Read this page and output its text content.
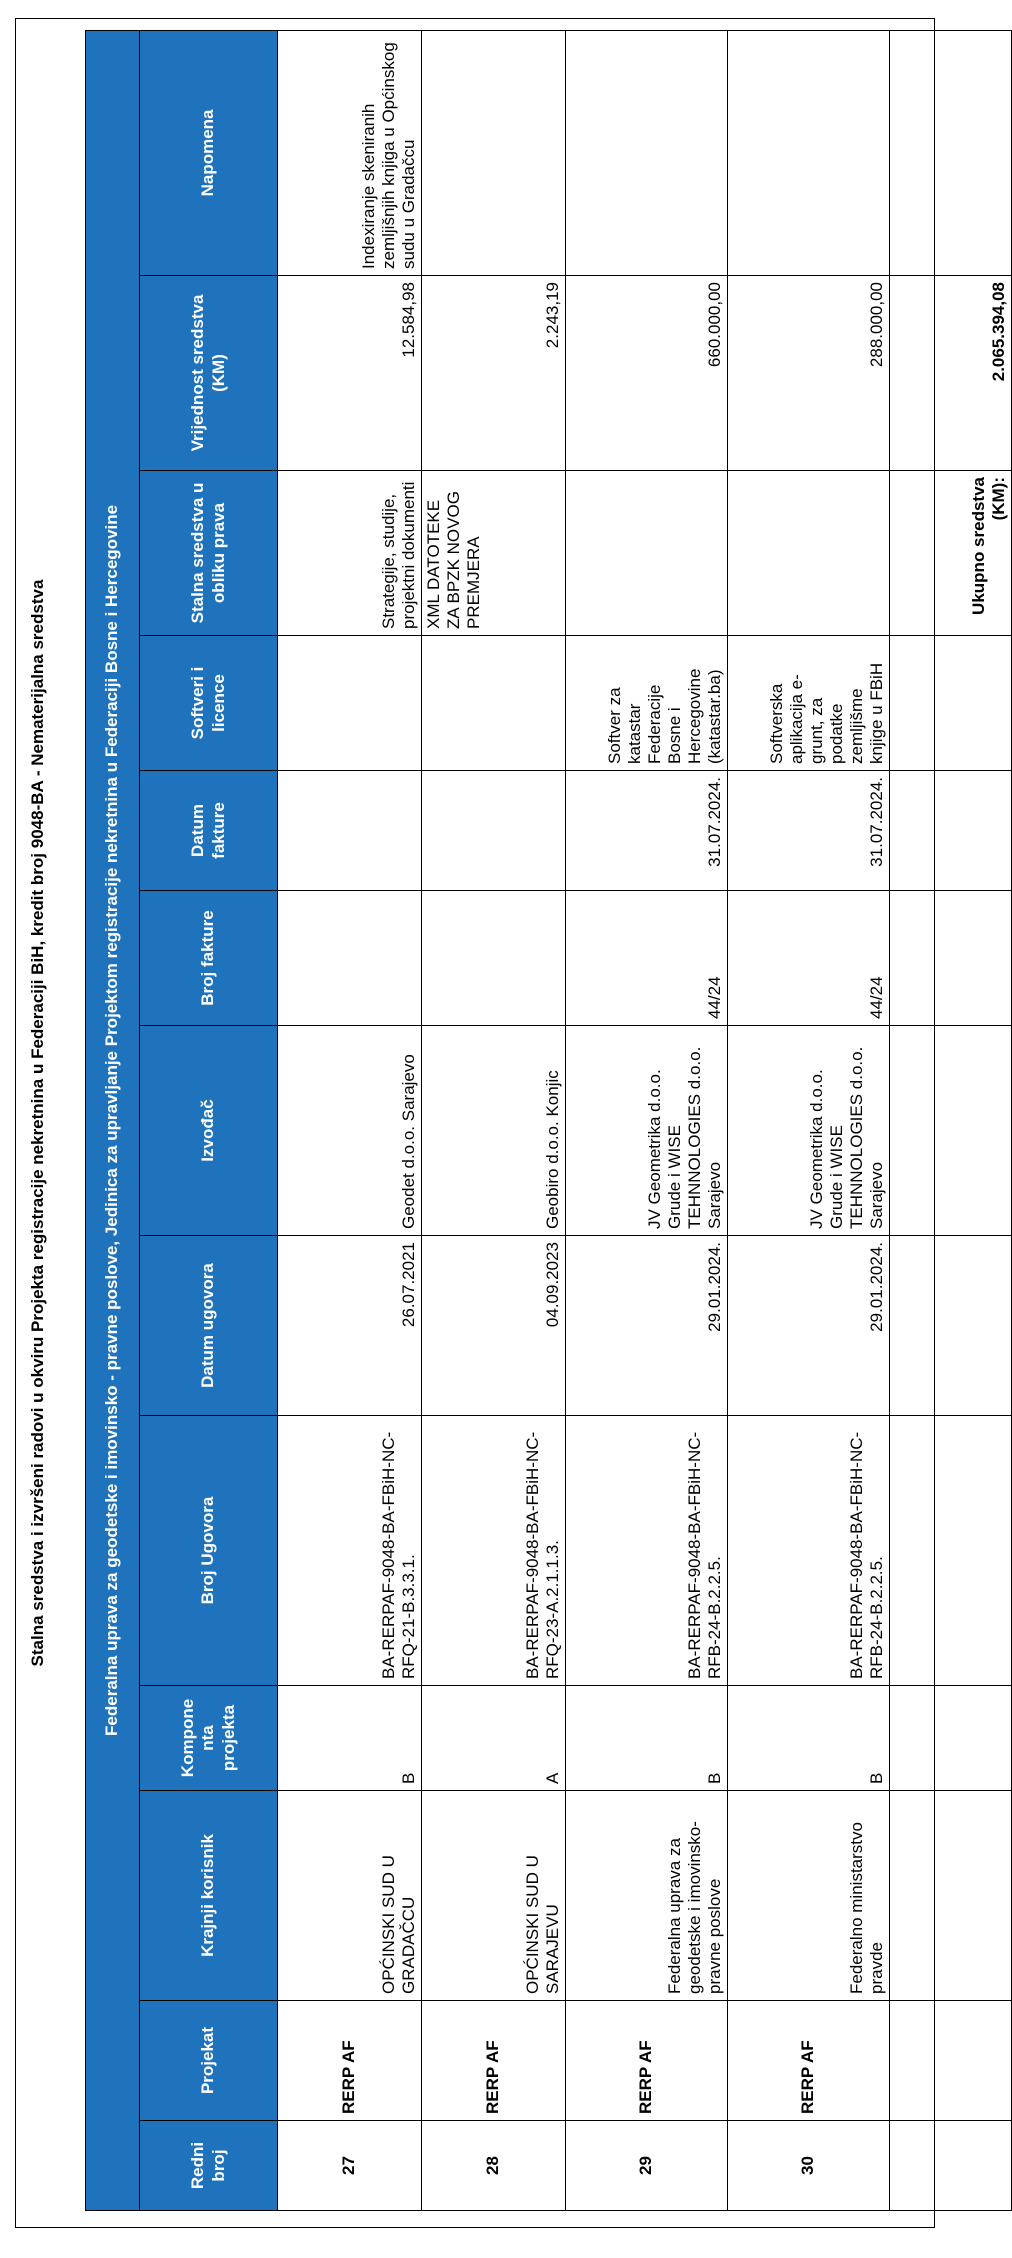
Stalna sredstva i izvršeni radovi u okviru Projekta registracije nekretnina u Federaciji BiH, kredit broj 9048-BA - Nematerijalna sredstva	Federalna uprava za geodetske i imovinsko - pravne poslove, Jedinica za upravljanje Projektom registracije nekretnina u Federaciji Bosne i Hercegovine												
Redni broj	Projekat	Krajnji korisnik	Kompone nta projekta	Broj Ugovora	Datum ugovora	Izvođač	Broj fakture	Datum fakture	Softveri i licence	Stalna sredstva u obliku prava	Vrijednost sredstva (KM)	Napomena
27	RERP AF	OPĆINSKI SUD U GRADAČCU	B	BA-RERPAF-9048-BA-FBiH-NC-RFQ-21-B.3.3.1.	26.07.2021	Geodet d.o.o. Sarajevo				Strategije, studije, projektni dokumenti	12.584,98	Indexiranje skeniranih zemljišnjih knjiga u Općinskog sudu u Gradačcu
28	RERP AF	OPĆINSKI SUD U SARAJEVU	A	BA-RERPAF-9048-BA-FBiH-NC-RFQ-23-A.2.1.1.3.	04.09.2023	Geobiro d.o.o. Konjic				XML DATOTEKE ZA BPZK NOVOG PREMJERA	2.243,19	
29	RERP AF	Federalna uprava za geodetske i imovinsko-pravne poslove	B	BA-RERPAF-9048-BA-FBiH-NC-RFB-24-B.2.2.5.	29.01.2024.	JV Geometrika d.o.o. Grude i WISE TEHNNOLOGIES d.o.o. Sarajevo	44/24	31.07.2024.	Softver za katastar Federacije Bosne i Hercegovine (katastar.ba)		660.000,00	
30	RERP AF	Federalno ministarstvo pravde	B	BA-RERPAF-9048-BA-FBiH-NC-RFB-24-B.2.2.5.	29.01.2024.	JV Geometrika d.o.o. Grude i WISE TEHNNOLOGIES d.o.o. Sarajevo	44/24	31.07.2024.	Softverska aplikacija e-grunt, za podatke zemljišme knjige u FBiH		288.000,00	
										Ukupno sredstva (KM):	2.065.394,08	
